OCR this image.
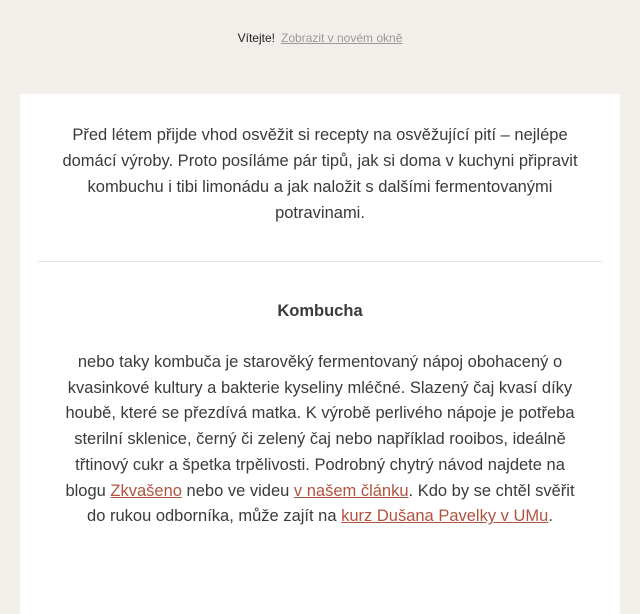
Vítejte! Zobrazit v novém okně
Před létem přijde vhod osvěžit si recepty na osvěžující pití – nejlépe domácí výroby. Proto posíláme pár tipů, jak si doma v kuchyni připravit kombuchu i tibi limonádu a jak naložit s dalšími fermentovanými potravinami.
Kombucha
nebo taky kombuča je starověký fermentovaný nápoj obohacený o kvasinkové kultury a bakterie kyseliny mléčné. Slazený čaj kvasí díky houbě, které se přezdívá matka. K výrobě perlivého nápoje je potřeba sterilní sklenice, černý či zelený čaj nebo například rooibos, ideálně třtinový cukr a špetka trpělivosti. Podrobný chytrý návod najdete na blogu Zkvašeno nebo ve videu v našem článku. Kdo by se chtěl svěřit do rukou odborníka, může zajít na kurz Dušana Pavelky v UMu.
